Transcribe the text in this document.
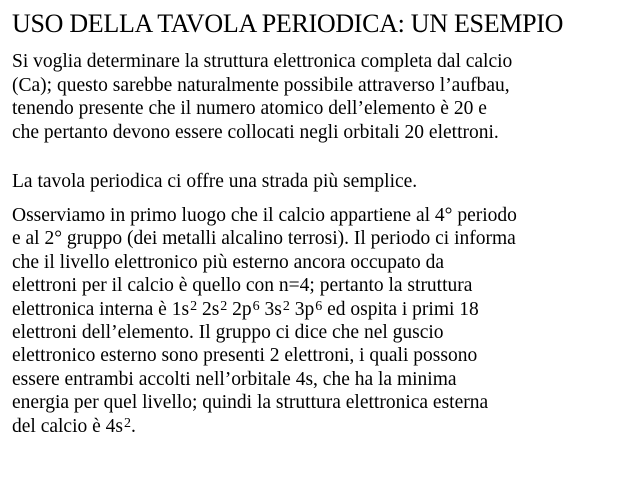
USO DELLA TAVOLA PERIODICA: UN ESEMPIO
Si voglia determinare la struttura elettronica completa dal calcio
(Ca); questo sarebbe naturalmente possibile attraverso l’aufbau,
tenendo presente che il numero atomico dell’elemento è 20 e
che pertanto devono essere collocati negli orbitali 20 elettroni.
La tavola periodica ci offre una strada più semplice.
Osserviamo in primo luogo che il calcio appartiene al 4° periodo
e al 2° gruppo (dei metalli alcalino terrosi). Il periodo ci informa
che il livello elettronico più esterno ancora occupato da
elettroni per il calcio è quello con n=4; pertanto la struttura
elettronica interna è $1s^2$ $2s^2$ $2p^6$ $3s^2$ $3p^6$ ed ospita i primi 18
elettroni dell’elemento. Il gruppo ci dice che nel guscio
elettronico esterno sono presenti 2 elettroni, i quali possono
essere entrambi accolti nell’orbitale 4s, che ha la minima
energia per quel livello; quindi la struttura elettronica esterna
del calcio è $4s^2$.
